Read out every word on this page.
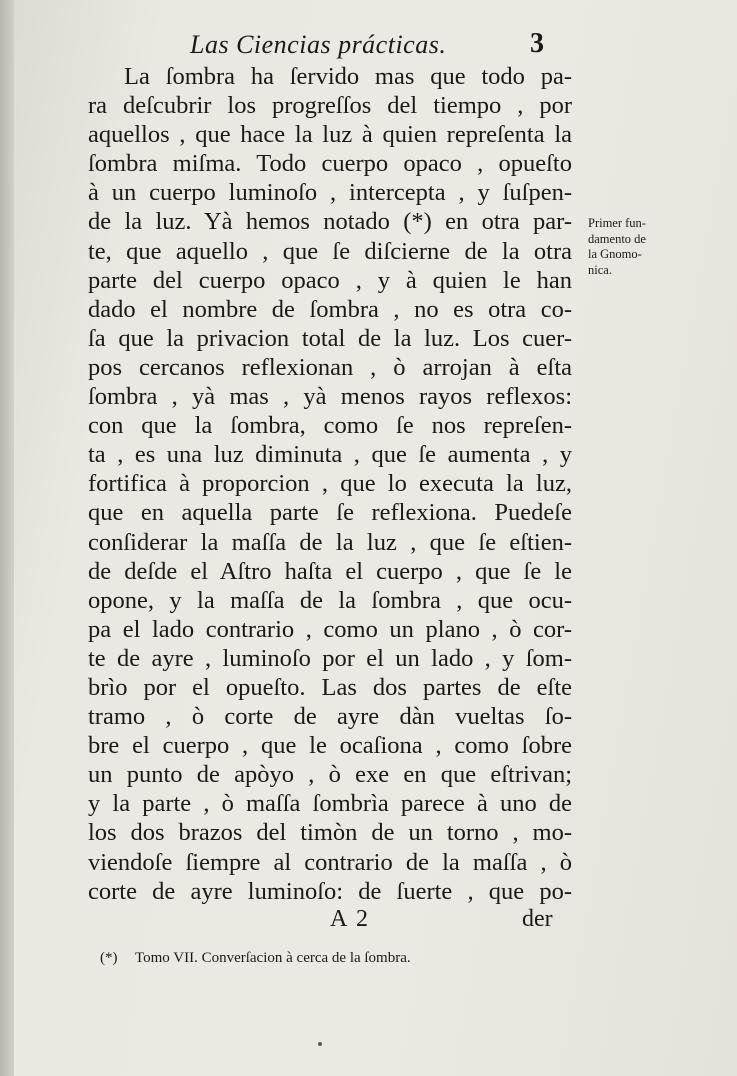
Las Ciencias prácticas.	3
La ſombra ha ſervido mas que todo pa-
ra deſcubrir los progreſſos del tiempo , por
aquellos , que hace la luz à quien repreſenta la
ſombra miſma. Todo cuerpo opaco , opueſto
à un cuerpo luminoſo , intercepta , y ſuſpen-
de la luz. Yà hemos notado (*) en otra par-
te, que aquello , que ſe diſcierne de la otra
parte del cuerpo opaco , y à quien le han
dado el nombre de ſombra , no es otra co-
ſa que la privacion total de la luz. Los cuer-
pos cercanos reflexionan , ò arrojan à eſta
ſombra , yà mas , yà menos rayos reflexos:
con que la ſombra, como ſe nos repreſen-
ta , es una luz diminuta , que ſe aumenta , y
fortifica à proporcion , que lo executa la luz,
que en aquella parte ſe reflexiona. Puedeſe
conſiderar la maſſa de la luz , que ſe eſtien-
de deſde el Aſtro haſta el cuerpo , que ſe le
opone, y la maſſa de la ſombra , que ocu-
pa el lado contrario , como un plano , ò cor-
te de ayre , luminoſo por el un lado , y ſom-
brìo por el opueſto. Las dos partes de eſte
tramo , ò corte de ayre dàn vueltas ſo-
bre el cuerpo , que le ocaſiona , como ſobre
un punto de apòyo , ò exe en que eſtrivan;
y la parte , ò maſſa ſombrìa parece à uno de
los dos brazos del timòn de un torno , mo-
viendoſe ſiempre al contrario de la maſſa , ò
corte de ayre luminoſo: de ſuerte , que po-
Primer fun-
damento de
la Gnomo-
nica.
A 2	der
(*) Tomo VII. Converſacion à cerca de la ſombra.
